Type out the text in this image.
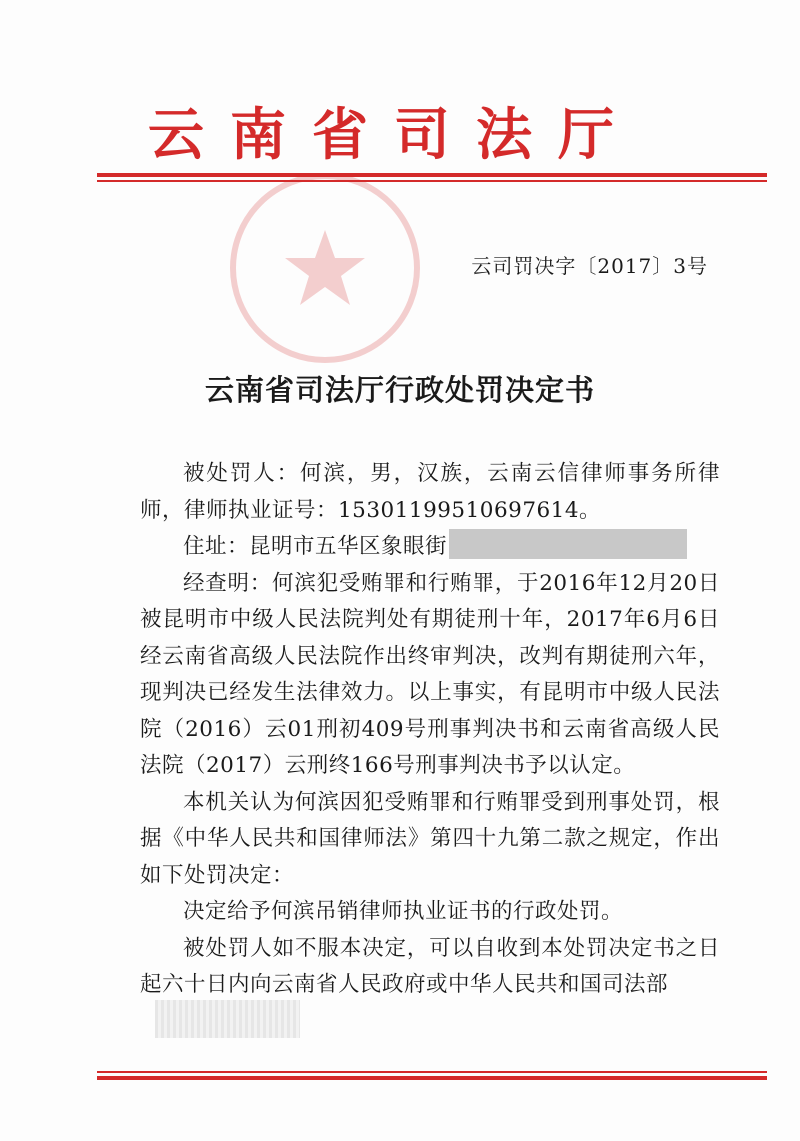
云南省司法厅
云司罚决字〔2017〕3号
云南省司法厅行政处罚决定书

被处罚人：何滨，男，汉族，云南云信律师事务所律师，律师执业证号：15301199510697614。

住址：昆明市五华区象眼街

经查明：何滨犯受贿罪和行贿罪，于2016年12月20日被昆明市中级人民法院判处有期徒刑十年，2017年6月6日经云南省高级人民法院作出终审判决，改判有期徒刑六年，现判决已经发生法律效力。以上事实，有昆明市中级人民法院（2016）云01刑初409号刑事判决书和云南省高级人民法院（2017）云刑终166号刑事判决书予以认定。

本机关认为何滨因犯受贿罪和行贿罪受到刑事处罚，根据《中华人民共和国律师法》第四十九第二款之规定，作出如下处罚决定：

决定给予何滨吊销律师执业证书的行政处罚。

被处罚人如不服本决定，可以自收到本处罚决定书之日起六十日内向云南省人民政府或中华人民共和国司法部
